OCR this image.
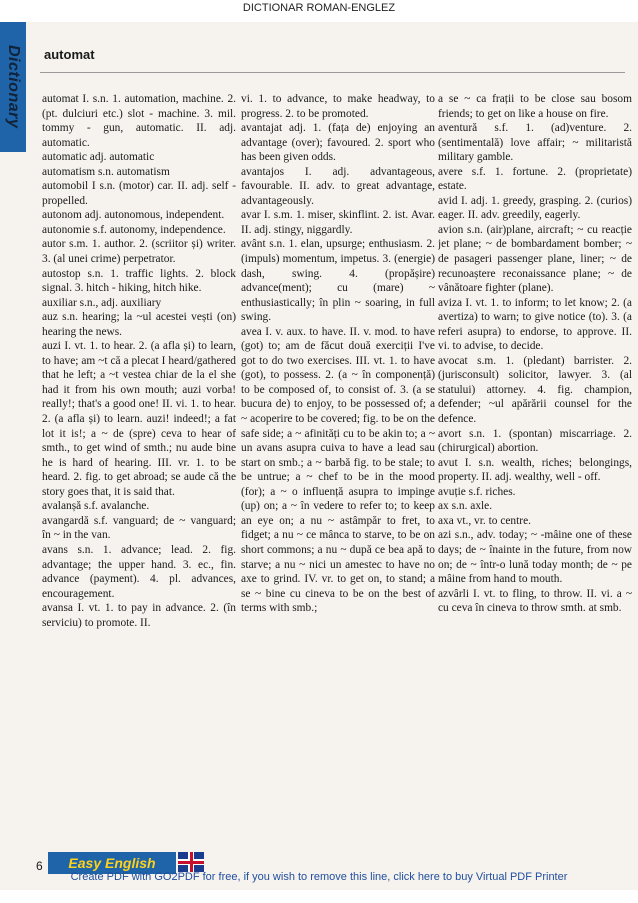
DICTIONAR ROMAN-ENGLEZ
Dictionary automat

automat I. s.n. 1. automation, machine. 2. (pt. dulciuri etc.) slot - machine. 3. mil. tommy - gun, automatic. II. adj. automatic.

automatic adj. automatic

automatism s.n. automatism

automobil I s.n. (motor) car. II. adj. self - propelled.

autonom adj. autonomous, independent.

autonomie s.f. autonomy, independence.

autor s.m. 1. author. 2. (scriitor și) writer. 3. (al unei crime) perpetrator.

autostop s.n. 1. traffic lights. 2. block signal. 3. hitch - hiking, hitch hike.

auxiliar s.n., adj. auxiliary

auz s.n. hearing; la ~ul acestei vești (on) hearing the news.

auzi I. vt. 1. to hear. 2. (a afla și) to learn, to have; am ~t că a plecat I heard/gathered that he left; a ~t vestea chiar de la el she had it from his own mouth; auzi vorba! really!; that's a good one! II. vi. 1. to hear. 2. (a afla și) to learn. auzi! indeed!; a fat lot it is!; a ~ de (spre) ceva to hear of smth., to get wind of smth.; nu aude bine he is hard of hearing. III. vr. 1. to be heard. 2. fig. to get abroad; se aude că the story goes that, it is said that.

avalanșă s.f. avalanche.

avangardă s.f. vanguard; de ~ vanguard; în ~ in the van.

avans s.n. 1. advance; lead. 2. fig. advantage; the upper hand. 3. ec., fin. advance (payment). 4. pl. advances, encouragement.

avansa I. vt. 1. to pay in advance. 2. (în serviciu) to promote. II.

vi. 1. to advance, to make headway, to progress. 2. to be promoted.

avantajat adj. 1. (fața de) enjoying an advantage (over); favoured. 2. sport who has been given odds.

avantajos I. adj. advantageous, favourable. II. adv. to great advantage, advantageously.

avar I. s.m. 1. miser, skinflint. 2. ist. Avar. II. adj. stingy, niggardly.

avânt s.n. 1. elan, upsurge; enthusiasm. 2. (impuls) momentum, impetus. 3. (energie) dash, swing. 4. (propășire) advance(ment); cu (mare) ~ enthusiastically; în plin ~ soaring, in full swing.

avea I. v. aux. to have. II. v. mod. to have (got) to; am de făcut două exerciții I've got to do two exercises. III. vt. 1. to have (got), to possess. 2. (a ~ în componență) to be composed of, to consist of. 3. (a se bucura de) to enjoy, to be possessed of; a ~ acoperire to be covered; fig. to be on the safe side; a ~ afinități cu to be akin to; a ~ un avans asupra cuiva to have a lead sau start on smb.; a ~ barbă fig. to be stale; to be untrue; a ~ chef to be in the mood (for); a ~ o influență asupra to impinge (up) on; a ~ în vedere to refer to; to keep an eye on; a nu ~ astâmpăr to fret, to fidget; a nu ~ ce mânca to starve, to be on short commons; a nu ~ după ce bea apă to starve; a nu ~ nici un amestec to have no axe to grind. IV. vr. to get on, to stand; a se ~ bine cu cineva to be on the best of terms with smb.;

a se ~ ca frații to be close sau bosom friends; to get on like a house on fire.

aventură s.f. 1. (ad)venture. 2. (sentimentală) love affair; ~ militaristă military gamble.

avere s.f. 1. fortune. 2. (proprietate) estate.

avid I. adj. 1. greedy, grasping. 2. (curios) eager. II. adv. greedily, eagerly.

avion s.n. (air)plane, aircraft; ~ cu reacție jet plane; ~ de bombardament bomber; ~ de pasageri passenger plane, liner; ~ de recunoaștere reconaissance plane; ~ de vânătoare fighter (plane).

aviza I. vt. 1. to inform; to let know; 2. (a avertiza) to warn; to give notice (to). 3. (a referi asupra) to endorse, to approve. II. vi. to advise, to decide.

avocat s.m. 1. (pledant) barrister. 2. (jurisconsult) solicitor, lawyer. 3. (al statului) attorney. 4. fig. champion, defender; ~ul apărării counsel for the defence.

avort s.n. 1. (spontan) miscarriage. 2. (chirurgical) abortion.

avut I. s.n. wealth, riches; belongings, property. II. adj. wealthy, well - off.

avuție s.f. riches.

ax s.n. axle.

axa vt., vr. to centre.

azi s.n., adv. today; ~ -mâine one of these days; de ~ înainte in the future, from now on; de ~ într-o lună today month; de ~ pe mâine from hand to mouth.

azvârli I. vt. to fling, to throw. II. vi. a ~ cu ceva în cineva to throw smth. at smb.

6	Easy English
Create PDF with GO2PDF for free, if you wish to remove this line, click here to buy Virtual PDF Printer
